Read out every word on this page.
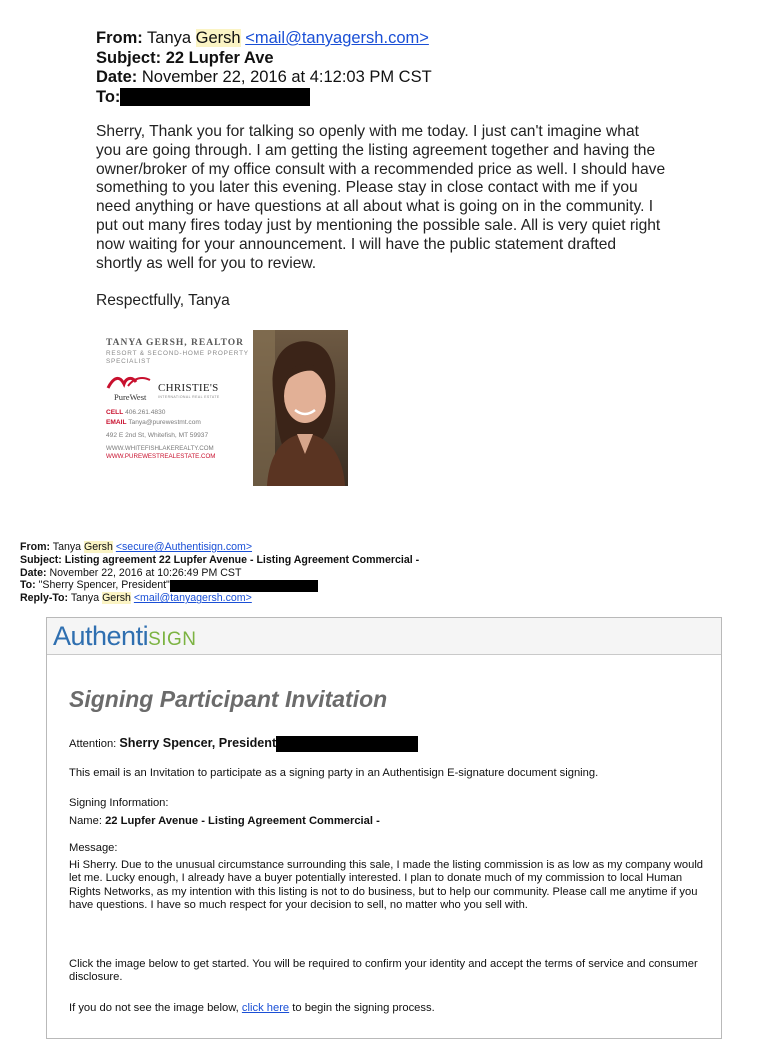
From: Tanya Gersh <mail@tanyagersh.com>
Subject: 22 Lupfer Ave
Date: November 22, 2016 at 4:12:03 PM CST
To:
Sherry, Thank you for talking so openly with me today. I just can't imagine what you are going through. I am getting the listing agreement together and having the owner/broker of my office consult with a recommended price as well. I should have something to you later this evening. Please stay in close contact with me if you need anything or have questions at all about what is going on in the community. I put out many fires today just by mentioning the possible sale. All is very quiet right now waiting for your announcement. I will have the public statement drafted shortly as well for you to review.
Respectfully, Tanya
TANYA GERSH, REALTOR
RESORT & SECOND-HOME PROPERTY SPECIALIST
PureWest
CHRISTIE'S
INTERNATIONAL REAL ESTATE
CELL 406.261.4830
EMAIL Tanya@purewestmt.com
492 E 2nd St, Whitefish, MT 59937
WWW.WHITEFISHLAKEREALTY.COM
WWW.PUREWESTREALESTATE.COM
From: Tanya Gersh <secure@Authentisign.com>
Subject: Listing agreement 22 Lupfer Avenue - Listing Agreement Commercial -
Date: November 22, 2016 at 10:26:49 PM CST
To: "Sherry Spencer, President"
Reply-To: Tanya Gersh <mail@tanyagersh.com>
AuthentiSIGN
Signing Participant Invitation
Attention: Sherry Spencer, President
This email is an Invitation to participate as a signing party in an Authentisign E-signature document signing.
Signing Information:
Name: 22 Lupfer Avenue - Listing Agreement Commercial -
Message:
Hi Sherry. Due to the unusual circumstance surrounding this sale, I made the listing commission is as low as my company would let me. Lucky enough, I already have a buyer potentially interested. I plan to donate much of my commission to local Human Rights Networks, as my intention with this listing is not to do business, but to help our community. Please call me anytime if you have questions. I have so much respect for your decision to sell, no matter who you sell with.
Click the image below to get started. You will be required to confirm your identity and accept the terms of service and consumer disclosure.
If you do not see the image below, click here to begin the signing process.
